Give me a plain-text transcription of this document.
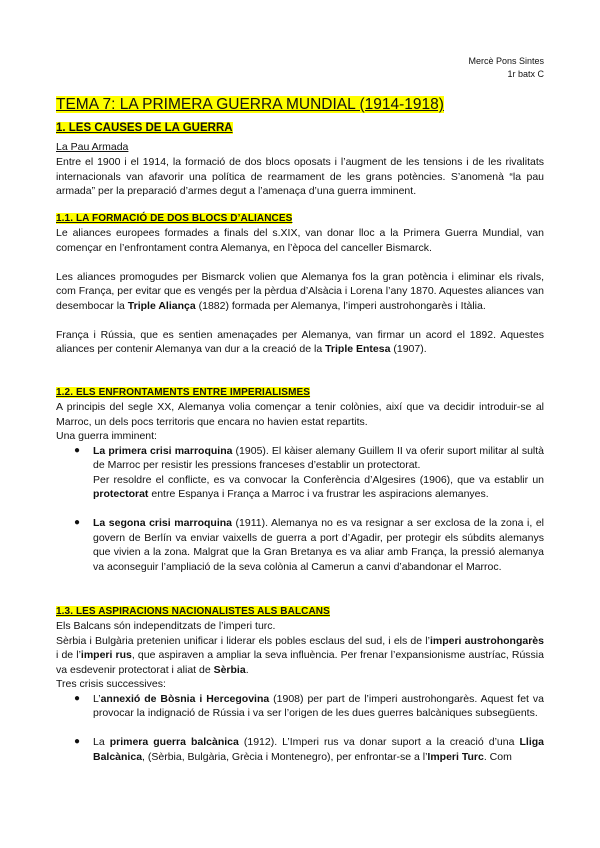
Mercè Pons Sintes
1r batx C
TEMA 7: LA PRIMERA GUERRA MUNDIAL (1914-1918)
1. LES CAUSES DE LA GUERRA
La Pau Armada

Entre el 1900 i el 1914, la formació de dos blocs oposats i l’augment de les tensions i de les rivalitats internacionals van afavorir una política de rearmament de les grans potències. S’anomenà “la pau armada” per la preparació d’armes degut a l’amenaça d’una guerra imminent.

1.1. LA FORMACIÓ DE DOS BLOCS D’ALIANCES

Le aliances europees formades a finals del s.XIX, van donar lloc a la Primera Guerra Mundial, van començar en l’enfrontament contra Alemanya, en l’època del canceller Bismarck.

Les aliances promogudes per Bismarck volien que Alemanya fos la gran potència i eliminar els rivals, com França, per evitar que es vengés per la pèrdua d’Alsàcia i Lorena l’any 1870. Aquestes aliances van desembocar la Triple Aliança (1882) formada per Alemanya, l’imperi austrohongarès i Itàlia.

França i Rússia, que es sentien amenaçades per Alemanya, van firmar un acord el 1892. Aquestes aliances per contenir Alemanya van dur a la creació de la Triple Entesa (1907).

1.2. ELS ENFRONTAMENTS ENTRE IMPERIALISMES

A principis del segle XX, Alemanya volia començar a tenir colònies, així que va decidir introduir-se al Marroc, un dels pocs territoris que encara no havien estat repartits.

Una guerra imminent:

● La primera crisi marroquina (1905). El kàiser alemany Guillem II va oferir suport militar al sultà de Marroc per resistir les pressions franceses d’establir un protectorat.
Per resoldre el conflicte, es va convocar la Conferència d’Algesires (1906), que va establir un protectorat entre Espanya i França a Marroc i va frustrar les aspiracions alemanyes.
● La segona crisi marroquina (1911). Alemanya no es va resignar a ser exclosa de la zona i, el govern de Berlín va enviar vaixells de guerra a port d’Agadir, per protegir els súbdits alemanys que vivien a la zona. Malgrat que la Gran Bretanya es va aliar amb França, la pressió alemanya va aconseguir l’ampliació de la seva colònia al Camerun a canvi d’abandonar el Marroc.
1.3. LES ASPIRACIONS NACIONALISTES ALS BALCANS

Els Balcans són independitzats de l’imperi turc.

Sèrbia i Bulgària pretenien unificar i liderar els pobles esclaus del sud, i els de l’imperi austrohongarès i de l’imperi rus, que aspiraven a ampliar la seva influència. Per frenar l’expansionisme austríac, Rússia va esdevenir protectorat i aliat de Sèrbia.

Tres crisis successives:

● L’annexió de Bòsnia i Hercegovina (1908) per part de l’imperi austrohongarès. Aquest fet va provocar la indignació de Rússia i va ser l’origen de les dues guerres balcàniques subsegüents.
● La primera guerra balcànica (1912). L’Imperi rus va donar suport a la creació d’una Lliga Balcànica, (Sèrbia, Bulgària, Grècia i Montenegro), per enfrontar-se a l’Imperi Turc. Com
